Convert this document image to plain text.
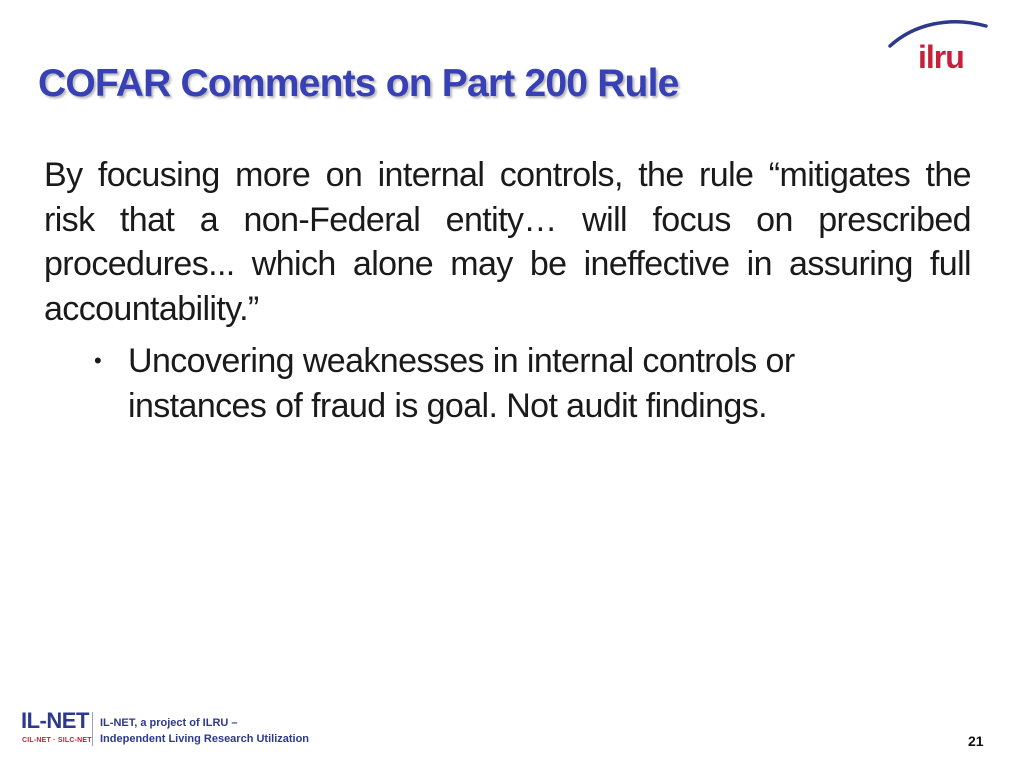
COFAR Comments on Part 200 Rule
ilru
By focusing more on internal controls, the rule “mitigates the risk that a non-Federal entity… will focus on prescribed procedures... which alone may be ineffective in assuring full accountability.”
• Uncovering weaknesses in internal controls or instances of fraud is goal. Not audit findings.
IL-NET
CIL-NET · SILC-NET
IL-NET, a project of ILRU –
Independent Living Research Utilization	21
